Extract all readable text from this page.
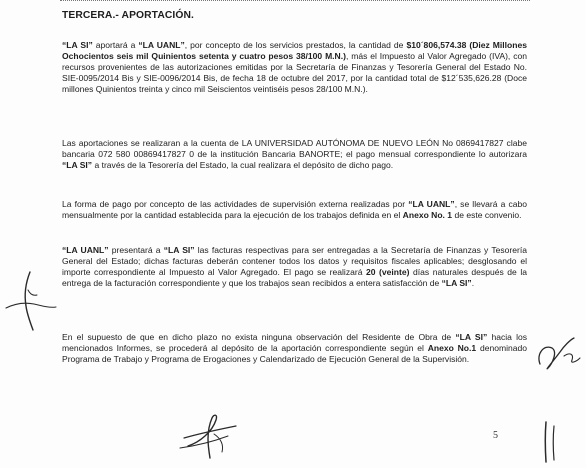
TERCERA.- APORTACIÓN.

“LA SI” aportará a “LA UANL”, por concepto de los servicios prestados, la cantidad de $10´806,574.38 (Diez Millones Ochocientos seis mil Quinientos setenta y cuatro pesos 38/100 M.N.), más el Impuesto al Valor Agregado (IVA), con recursos provenientes de las autorizaciones emitidas por la Secretaría de Finanzas y Tesorería General del Estado No. SIE-0095/2014 Bis y SIE-0096/2014 Bis, de fecha 18 de octubre del 2017, por la cantidad total de $12´535,626.28 (Doce millones Quinientos treinta y cinco mil Seiscientos veintiséis pesos 28/100 M.N.).

Las aportaciones se realizaran a la cuenta de LA UNIVERSIDAD AUTÓNOMA DE NUEVO LEÓN No 0869417827 clabe bancaria 072 580 00869417827 0 de la institución Bancaria BANORTE; el pago mensual correspondiente lo autorizara “LA SI” a través de la Tesorería del Estado, la cual realizara el depósito de dicho pago.

La forma de pago por concepto de las actividades de supervisión externa realizadas por “LA UANL”, se llevará a cabo mensualmente por la cantidad establecida para la ejecución de los trabajos definida en el Anexo No. 1 de este convenio.

“LA UANL” presentará a “LA SI” las facturas respectivas para ser entregadas a la Secretaría de Finanzas y Tesorería General del Estado; dichas facturas deberán contener todos los datos y requisitos fiscales aplicables; desglosando el importe correspondiente al Impuesto al Valor Agregado. El pago se realizará 20 (veinte) días naturales después de la entrega de la facturación correspondiente y que los trabajos sean recibidos a entera satisfacción de “LA SI”.

En el supuesto de que en dicho plazo no exista ninguna observación del Residente de Obra de “LA SI” hacia los mencionados Informes, se procederá al depósito de la aportación correspondiente según el Anexo No.1 denominado Programa de Trabajo y Programa de Erogaciones y Calendarizado de Ejecución General de la Supervisión.

5
